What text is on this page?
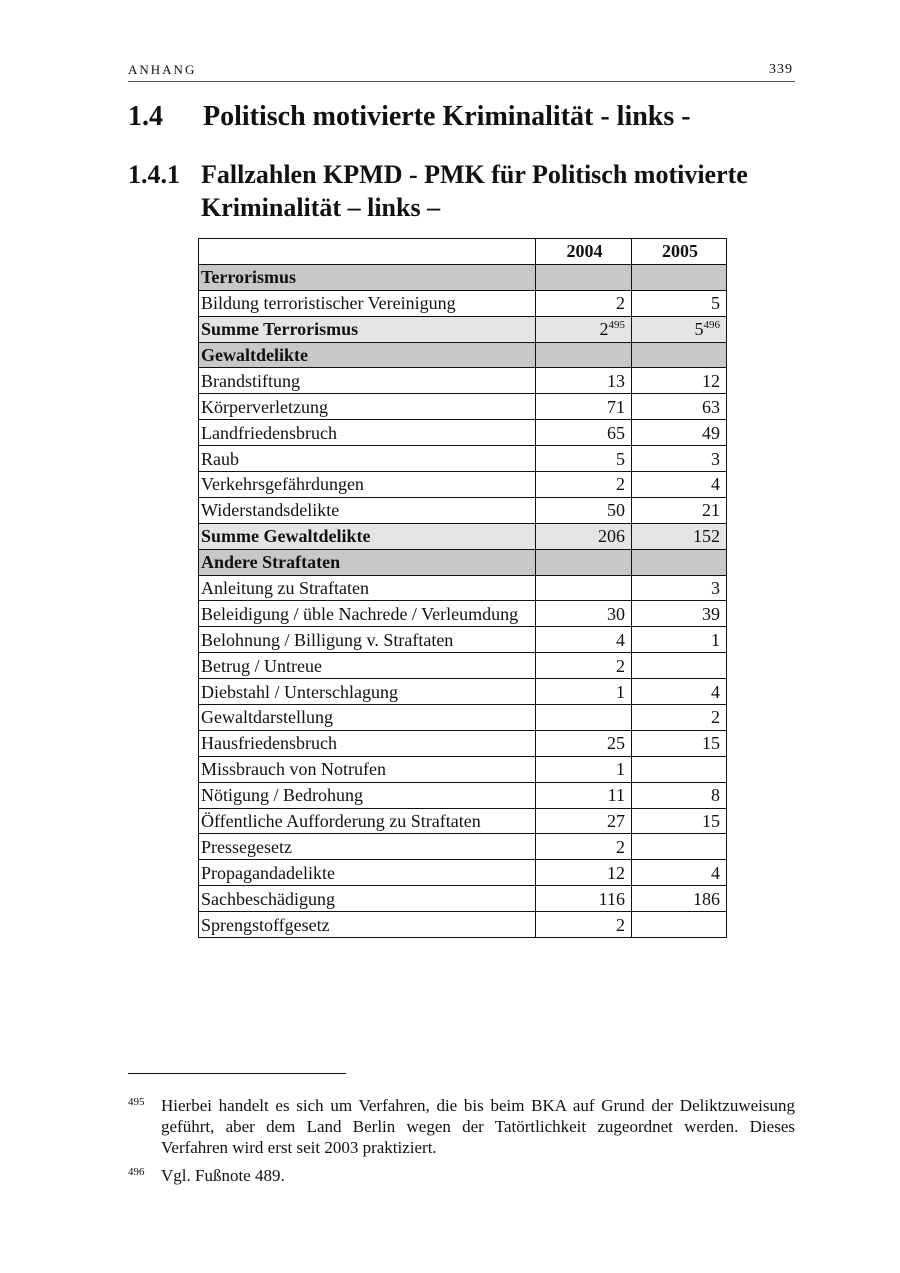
ANHANG	339
1.4 Politisch motivierte Kriminalität - links -
1.4.1 Fallzahlen KPMD - PMK für Politisch motivierte Kriminalität – links –
	2004	2005
Terrorismus		
Bildung terroristischer Vereinigung	2	5
Summe Terrorismus	$2^{495}$	$5^{496}$
Gewaltdelikte		
Brandstiftung	13	12
Körperverletzung	71	63
Landfriedensbruch	65	49
Raub	5	3
Verkehrsgefährdungen	2	4
Widerstandsdelikte	50	21
Summe Gewaltdelikte	206	152
Andere Straftaten		
Anleitung zu Straftaten		3
Beleidigung / üble Nachrede / Verleumdung	30	39
Belohnung / Billigung v. Straftaten	4	1
Betrug / Untreue	2	
Diebstahl / Unterschlagung	1	4
Gewaltdarstellung		2
Hausfriedensbruch	25	15
Missbrauch von Notrufen	1	
Nötigung / Bedrohung	11	8
Öffentliche Aufforderung zu Straftaten	27	15
Pressegesetz	2	
Propagandadelikte	12	4
Sachbeschädigung	116	186
Sprengstoffgesetz	2	
495 Hierbei handelt es sich um Verfahren, die bis beim BKA auf Grund der Deliktzuweisung geführt, aber dem Land Berlin wegen der Tatörtlichkeit zugeordnet werden. Dieses Verfahren wird erst seit 2003 praktiziert.
496 Vgl. Fußnote 489.
